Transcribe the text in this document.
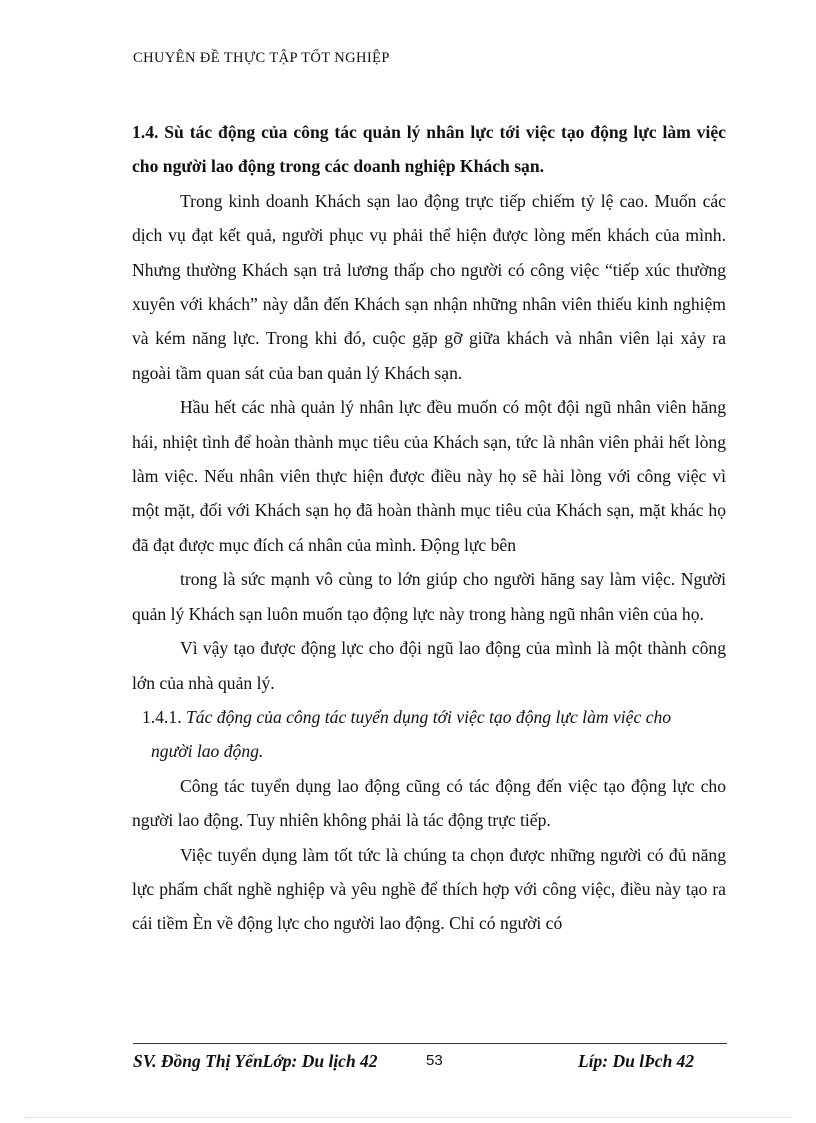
CHUYÊN ĐỀ THỰC TẬP TỐT NGHIỆP

1.4. Sù tác động của công tác quản lý nhân lực tới việc tạo động lực làm việc cho người lao động trong các doanh nghiệp Khách sạn.

Trong kinh doanh Khách sạn lao động trực tiếp chiếm tỷ lệ cao. Muốn các dịch vụ đạt kết quả, người phục vụ phải thể hiện được lòng mến khách của mình. Nhưng thường Khách sạn trả lương thấp cho người có công việc “tiếp xúc thường xuyên với khách” này dẫn đến Khách sạn nhận những nhân viên thiếu kinh nghiệm và kém năng lực. Trong khi đó, cuộc gặp gỡ giữa khách và nhân viên lại xảy ra ngoài tầm quan sát của ban quản lý Khách sạn.

Hầu hết các nhà quản lý nhân lực đều muốn có một đội ngũ nhân viên hăng hái, nhiệt tình để hoàn thành mục tiêu của Khách sạn, tức là nhân viên phải hết lòng làm việc. Nếu nhân viên thực hiện được điều này họ sẽ hài lòng với công việc vì một mặt, đối với Khách sạn họ đã hoàn thành mục tiêu của Khách sạn, mặt khác họ đã đạt được mục đích cá nhân của mình. Động lực bên

trong là sức mạnh vô cùng to lớn giúp cho người hăng say làm việc. Người quản lý Khách sạn luôn muốn tạo động lực này trong hàng ngũ nhân viên của họ.

Vì vậy tạo được động lực cho đội ngũ lao động của mình là một thành công lớn của nhà quản lý.

1.4.1. Tác động của công tác tuyển dụng tới việc tạo động lực làm việc cho
người lao động.

Công tác tuyển dụng lao động cũng có tác động đến việc tạo động lực cho người lao động. Tuy nhiên không phải là tác động trực tiếp.

Việc tuyển dụng làm tốt tức là chúng ta chọn được những người có đủ năng lực phẩm chất nghề nghiệp và yêu nghề để thích hợp với công việc, điều này tạo ra cái tiềm Èn về động lực cho người lao động. Chỉ có người có

SV. Đồng Thị YếnLớp: Du lịch 42	53	Líp: Du lÞch 42
